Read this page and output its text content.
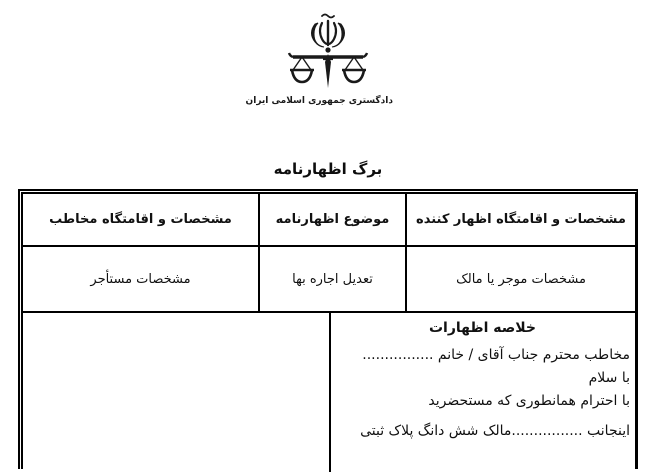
دادگستری جمهوری اسلامی ایران
برگ اظهارنامه
مشخصات و اقامتگاه اظهار کننده
موضوع اظهارنامه
مشخصات و اقامتگاه مخاطب
مشخصات موجر یا مالک
تعدیل اجاره بها
مشخصات مستأجر
خلاصه اظهارات
مخاطب محترم جناب آقای / خانم ................
با سلام
با احترام همانطوری که مستحضرید
اینجانب ................مالک شش دانگ پلاک ثبتی
